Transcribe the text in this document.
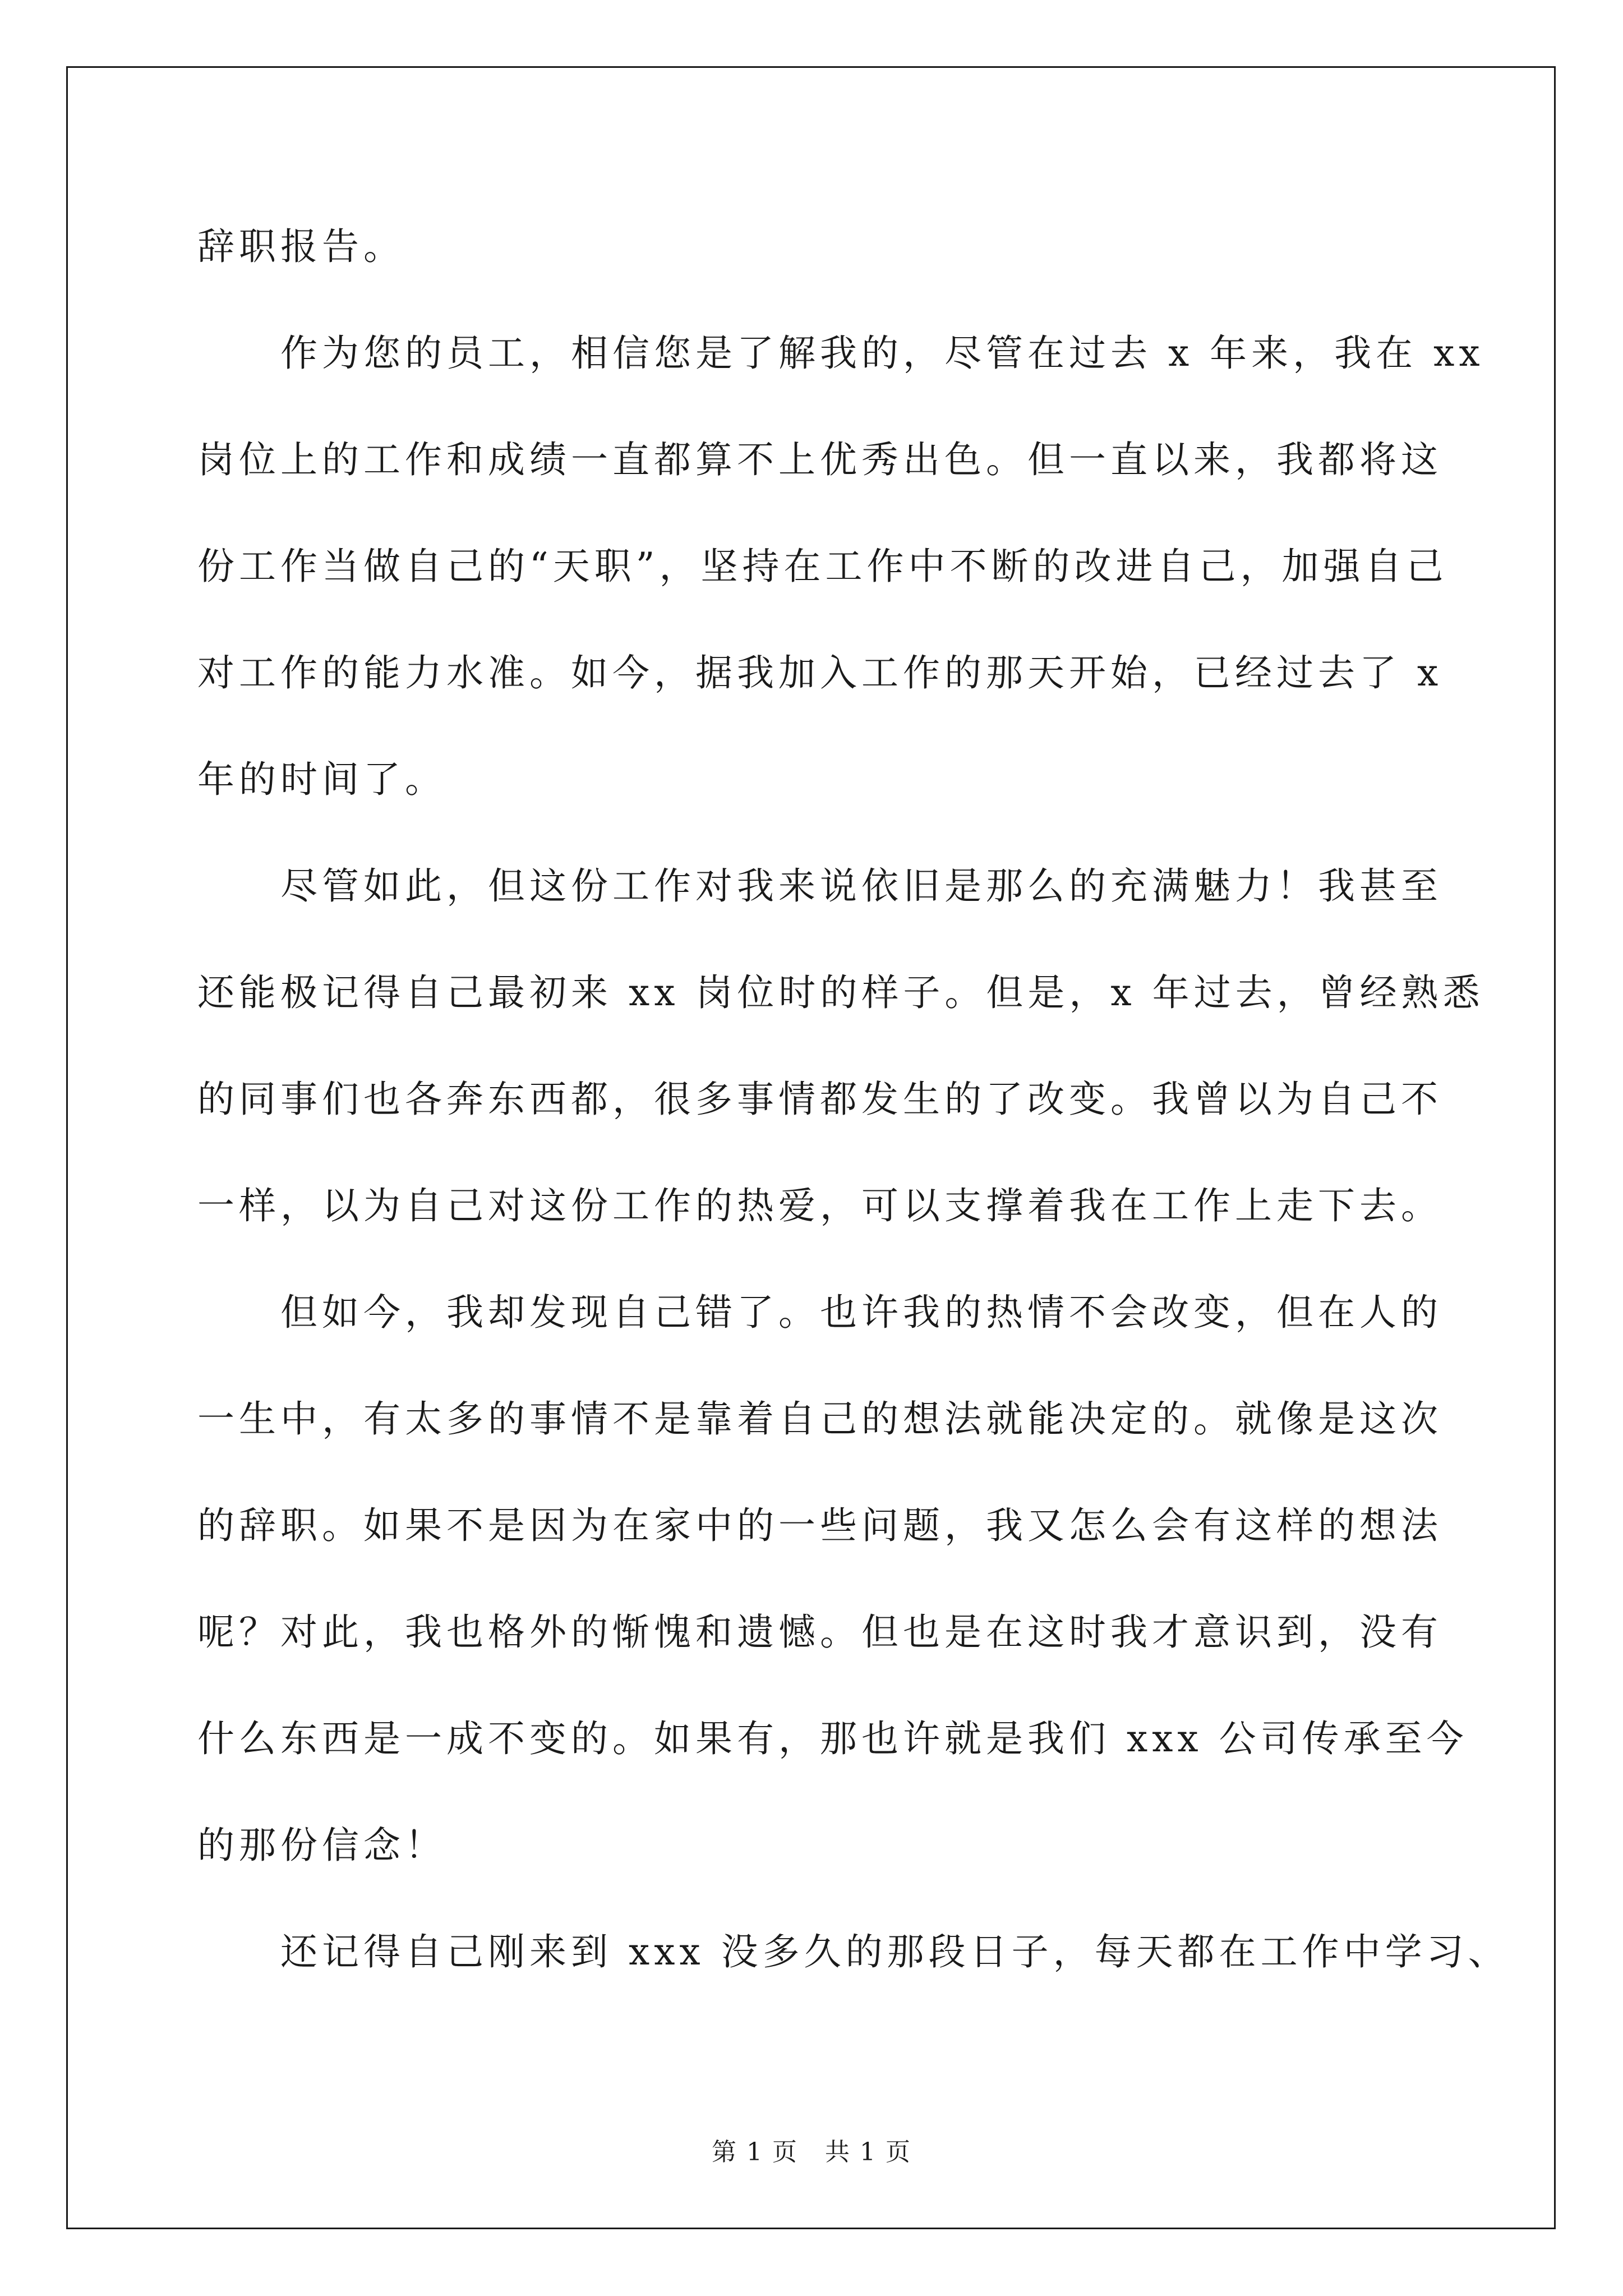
辞职报告。
作为您的员工，相信您是了解我的，尽管在过去 x 年来，我在 xx
岗位上的工作和成绩一直都算不上优秀出色。但一直以来，我都将这
份工作当做自己的“天职”，坚持在工作中不断的改进自己，加强自己
对工作的能力水准。如今，据我加入工作的那天开始，已经过去了 x
年的时间了。
尽管如此，但这份工作对我来说依旧是那么的充满魅力！我甚至
还能极记得自己最初来 xx 岗位时的样子。但是，x 年过去，曾经熟悉
的同事们也各奔东西都，很多事情都发生的了改变。我曾以为自己不
一样，以为自己对这份工作的热爱，可以支撑着我在工作上走下去。
但如今，我却发现自己错了。也许我的热情不会改变，但在人的
一生中，有太多的事情不是靠着自己的想法就能决定的。就像是这次
的辞职。如果不是因为在家中的一些问题，我又怎么会有这样的想法
呢？对此，我也格外的惭愧和遗憾。但也是在这时我才意识到，没有
什么东西是一成不变的。如果有，那也许就是我们 xxx 公司传承至今
的那份信念！
还记得自己刚来到 xxx 没多久的那段日子，每天都在工作中学习、
第 1 页 共 1 页
